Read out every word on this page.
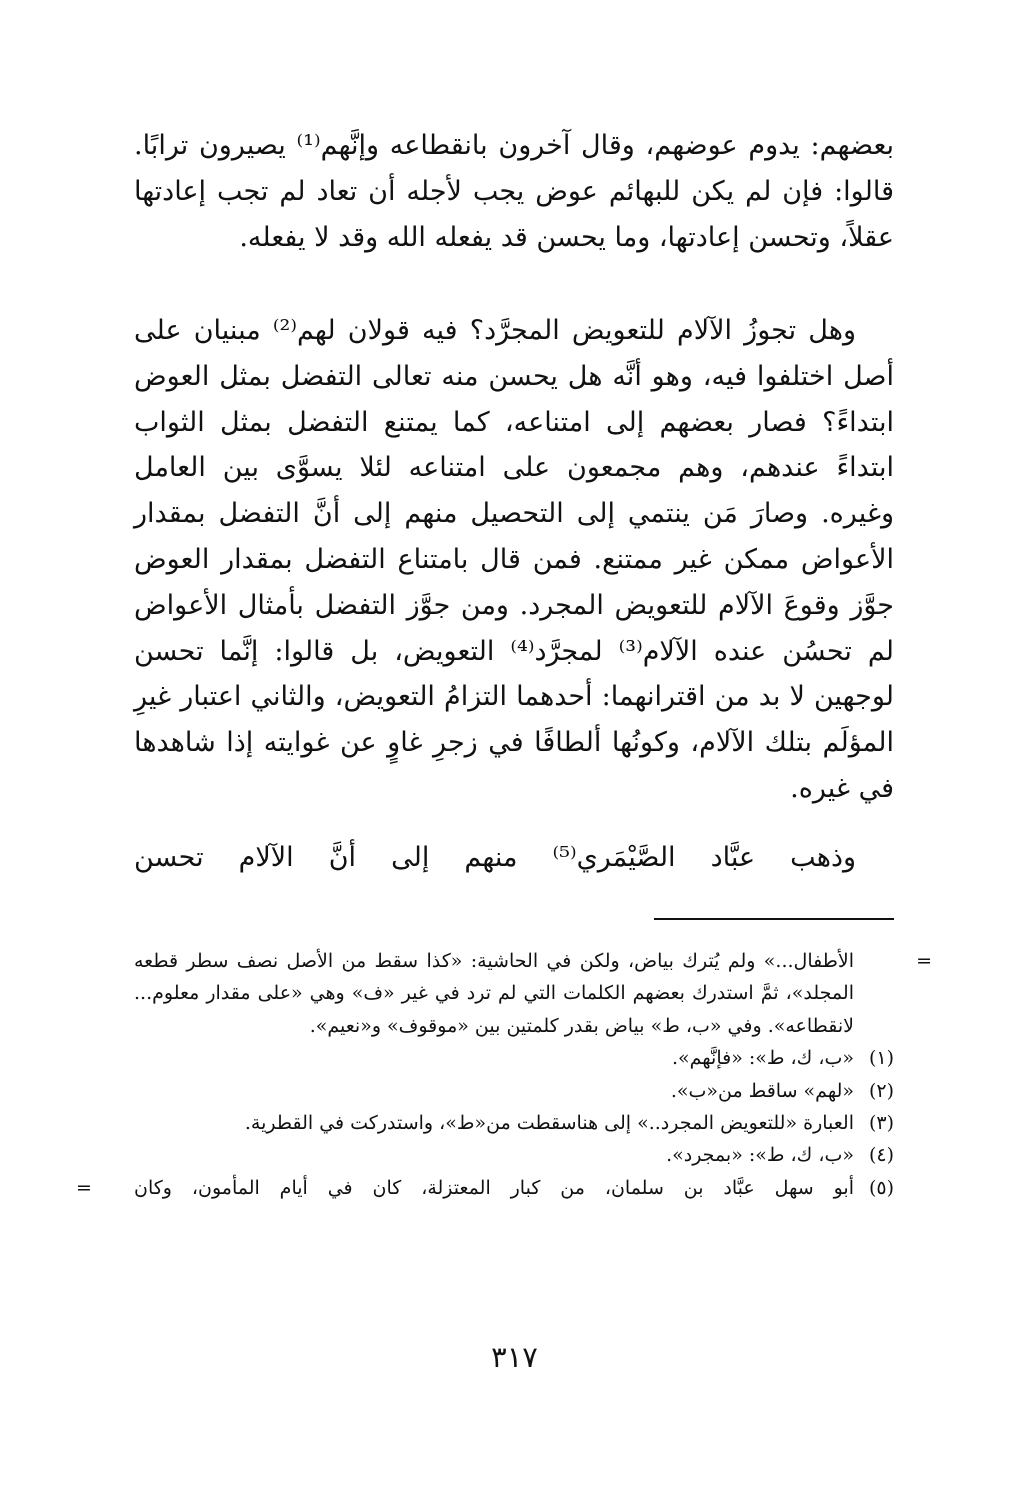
بعضهم: يدوم عوضهم، وقال آخرون بانقطاعه وإنَّهم⁽¹⁾ يصيرون ترابًا. قالوا: فإن لم يكن للبهائم عوض يجب لأجله أن تعاد لم تجب إعادتها عقلاً، وتحسن إعادتها، وما يحسن قد يفعله الله وقد لا يفعله.

وهل تجوزُ الآلام للتعويض المجرَّد؟ فيه قولان لهم⁽²⁾ مبنيان على أصل اختلفوا فيه، وهو أنَّه هل يحسن منه تعالى التفضل بمثل العوض ابتداءً؟ فصار بعضهم إلى امتناعه، كما يمتنع التفضل بمثل الثواب ابتداءً عندهم، وهم مجمعون على امتناعه لئلا يسوَّى بين العامل وغيره. وصارَ مَن ينتمي إلى التحصيل منهم إلى أنَّ التفضل بمقدار الأعواض ممكن غير ممتنع. فمن قال بامتناع التفضل بمقدار العوض جوَّز وقوعَ الآلام للتعويض المجرد. ومن جوَّز التفضل بأمثال الأعواض لم تحسُن عنده الآلام⁽³⁾ لمجرَّد⁽⁴⁾ التعويض، بل قالوا: إنَّما تحسن لوجهين لا بد من اقترانهما: أحدهما التزامُ التعويض، والثاني اعتبار غيرِ المؤلَم بتلك الآلام، وكونُها ألطافًا في زجرِ غاوٍ عن غوايته إذا شاهدها في غيره.

وذهب عبَّاد الصَّيْمَري⁽⁵⁾ منهم إلى أنَّ الآلام تحسن

=
الأطفال...» ولم يُترك بياض، ولكن في الحاشية: «كذا سقط من الأصل نصف سطر قطعه المجلد»، ثمَّ استدرك بعضهم الكلمات التي لم ترد في غير «ف» وهي «على مقدار معلوم... لانقطاعه». وفي «ب، ط» بياض بقدر كلمتين بين «موقوف» و«نعيم».
(١)
«ب، ك، ط»: «فإنَّهم».
(٢)
«لهم» ساقط من«ب».
(٣)
العبارة «للتعويض المجرد..» إلى هناسقطت من«ط»، واستدركت في القطرية.
(٤)
«ب، ك، ط»: «بمجرد».
(٥)
أبو سهل عبَّاد بن سلمان، من كبار المعتزلة، كان في أيام المأمون، وكان
=
٣١٧
